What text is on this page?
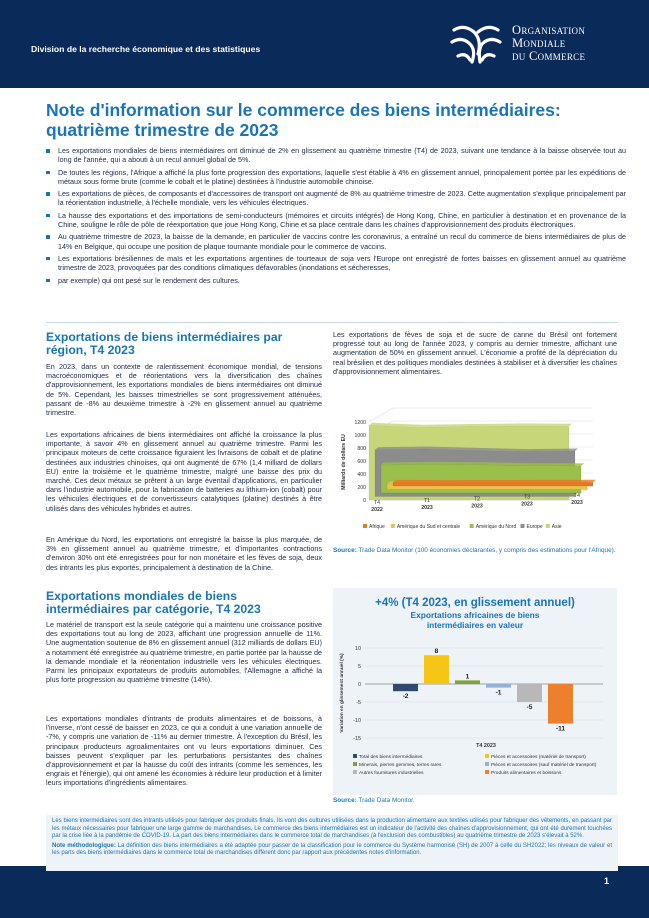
Division de la recherche économique et des statistiques
Organisation
Mondiale
du Commerce
Note d'information sur le commerce des biens intermédiaires:
quatrième trimestre de 2023
Les exportations mondiales de biens intermédiaires ont diminué de 2% en glissement au quatrième trimestre (T4) de 2023, suivant une tendance à la baisse observée tout au long de l'année, qui a abouti à un recul annuel global de 5%.
De toutes les régions, l'Afrique a affiché la plus forte progression des exportations, laquelle s'est établie à 4% en glissement annuel, principalement portée par les expéditions de métaux sous forme brute (comme le cobalt et le platine) destinées à l'industrie automobile chinoise.
Les exportations de pièces, de composants et d'accessoires de transport ont augmenté de 8% au quatrième trimestre de 2023. Cette augmentation s'explique principalement par la réorientation industrielle, à l'échelle mondiale, vers les véhicules électriques.
La hausse des exportations et des importations de semi-conducteurs (mémoires et circuits intégrés) de Hong Kong, Chine, en particulier à destination et en provenance de la Chine, souligne le rôle de pôle de réexportation que joue Hong Kong, Chine et sa place centrale dans les chaînes d'approvisionnement des produits électroniques.
Au quatrième trimestre de 2023, la baisse de la demande, en particulier de vaccins contre les coronavirus, a entraîné un recul du commerce de biens intermédiaires de plus de 14% en Belgique, qui occupe une position de plaque tournante mondiale pour le commerce de vaccins.
Les exportations brésiliennes de maïs et les exportations argentines de tourteaux de soja vers l'Europe ont enregistré de fortes baisses en glissement annuel au quatrième trimestre de 2023, provoquées par des conditions climatiques défavorables (inondations et sécheresses,
par exemple) qui ont pesé sur le rendement des cultures.
Exportations de biens intermédiaires par
région, T4 2023
En 2023, dans un contexte de ralentissement économique mondial, de tensions macroéconomiques et de réorientations vers la diversification des chaînes d'approvisionnement, les exportations mondiales de biens intermédiaires ont diminué de 5%. Cependant, les baisses trimestrielles se sont progressivement atténuées, passant de -8% au deuxième trimestre à -2% en glissement annuel au quatrième trimestre.
Les exportations africaines de biens intermédiaires ont affiché la croissance la plus importante, à savoir 4% en glissement annuel au quatrième trimestre. Parmi les principaux moteurs de cette croissance figuraient les livraisons de cobalt et de platine destinées aux industries chinoises, qui ont augmenté de 67% (1,4 milliard de dollars EU) entre la troisième et le quatrième trimestre, malgré une baisse des prix du marché. Ces deux métaux se prêtent à un large éventail d'applications, en particulier dans l'industrie automobile, pour la fabrication de batteries au lithium-ion (cobalt) pour les véhicules électriques et de convertisseurs catalytiques (platine) destinés à être utilisés dans des véhicules hybrides et autres.
En Amérique du Nord, les exportations ont enregistré la baisse la plus marquée, de 3% en glissement annuel au quatrième trimestre, et d'importantes contractions d'environ 30% ont été enregistrées pour for non monétaire et les fèves de soja, deux des intrants les plus exportés, principalement à destination de la Chine.
Les exportations de fèves de soja et de sucre de canne du Brésil ont fortement progressé tout au long de l'année 2023, y compris au dernier trimestre, affichant une augmentation de 50% en glissement annuel. L'économie a profité de la dépréciation du real brésilien et des politiques mondiales destinées à stabiliser et à diversifier les chaînes d'approvisionnement alimentaires.
0
200
400
600
800
1000
1200
Milliards de dollars EU
T4
2022
T1
2023
T2
2023
T3
2023
T4
2023
Afrique Amérique du Sud et centrale	Amérique du Nord Europe Asie
Source: Trade Data Monitor (100 économies déclarantes, y compris des estimations pour l'Afrique).
Exportations mondiales de biens
intermédiaires par catégorie, T4 2023
Le matériel de transport est la seule catégorie qui a maintenu une croissance positive des exportations tout au long de 2023, affichant une progression annuelle de 11%. Une augmentation soutenue de 8% en glissement annuel (312 milliards de dollars EU) a notamment été enregistrée au quatrième trimestre, en partie portée par la hausse de la demande mondiale et la réorientation industrielle vers les véhicules électriques. Parmi les principaux exportateurs de produits automobiles, l'Allemagne a affiché la plus forte progression au quatrième trimestre (14%).
Les exportations mondiales d'intrants de produits alimentaires et de boissons, à l'inverse, n'ont cessé de baisser en 2023, ce qui a conduit à une variation annuelle de -7%, y compris une variation de -11% au dernier trimestre. À l'exception du Brésil, les principaux producteurs agroalimentaires ont vu leurs exportations diminuer. Ces baisses peuvent s'expliquer par les perturbations persistantes des chaînes d'approvisionnement et par la hausse du coût des intrants (comme les semences, les engrais et l'énergie), qui ont amené les économies à réduire leur production et à limiter leurs importations d'ingrédients alimentaires.
+4% (T4 2023, en glissement annuel)
Exportations africaines de biens
intermédiaires en valeur
10
5
0
-5
-10
-15
Variation en glissement annuel (%)	-2
8
1
-1
-5
-11
T4 2023
Total des biens intermédiaires	Pièces et accessoires (matériel de transport)
Minerais, pierres gemmes, terres rares	Pièces et accessoires (sauf matériel de transport)
Autres fournitures industrielles	Produits alimentaires et boissons
Source: Trade Data Monitor.

Les biens intermédiaires sont des intrants utilisés pour fabriquer des produits finals. Ils vont des cultures utilisées dans la production alimentaire aux textiles utilisés pour fabriquer des vêtements, en passant par les métaux nécessaires pour fabriquer une large gamme de marchandises. Le commerce des biens intermédiaires est un indicateur de l'activité des chaînes d'approvisionnement, qui ont été durement touchées par la crise liée à la pandémie de COVID-19. La part des biens intermédiaires dans le commerce total de marchandises (à l'exclusion des combustibles) au quatrième trimestre de 2023 s'élevait à 52%.

Note méthodologique: La définition des biens intermédiaires a été adaptée pour passer de la classification pour le commerce du Système harmonisé (SH) de 2007 à celle du SH2022; les niveaux de valeur et les parts des biens intermédiaires dans le commerce total de marchandises diffèrent donc par rapport aux précédentes notes d'information.

1
